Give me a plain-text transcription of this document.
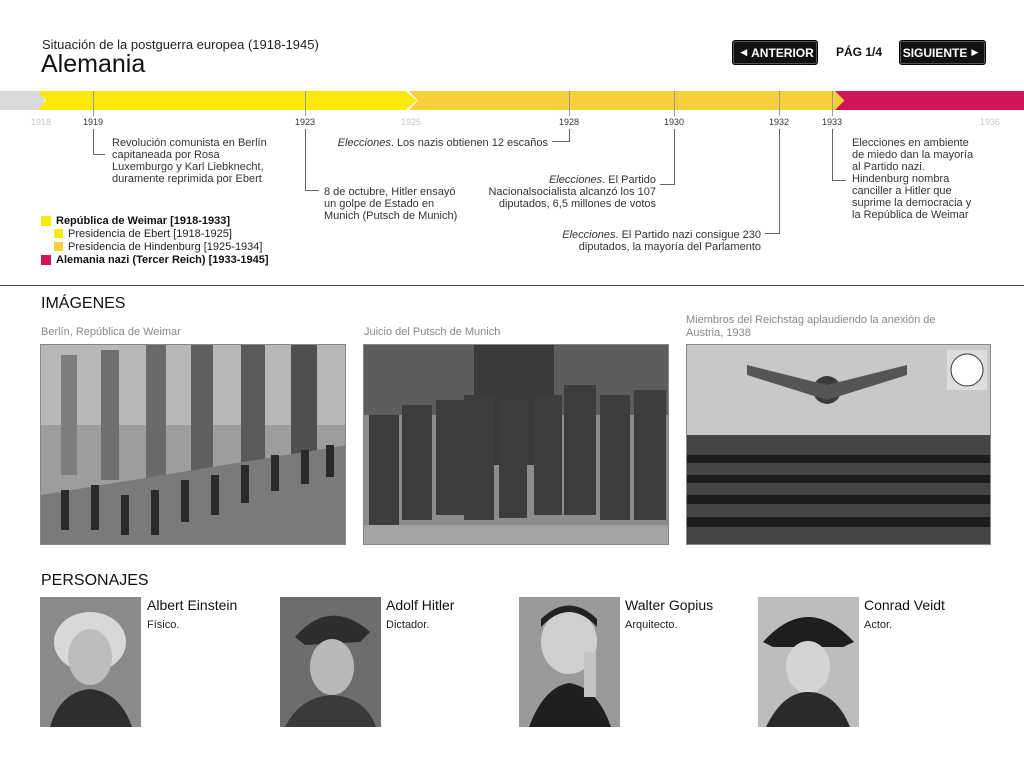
Situación de la postguerra europea (1918-1945)
Alemania	◀ ANTERIOR PÁG 1/4 SIGUIENTE ▶
1918	1919	1923	1925	1928	1930	1932	1933	1936
Revolución comunista en Berlín capitaneada por Rosa Luxemburgo y Karl Liebknecht, duramente reprimida por Ebert
8 de octubre, Hitler ensayó un golpe de Estado en Munich (Putsch de Munich)
Elecciones. Los nazis obtienen 12 escaños
Elecciones. El Partido Nacionalsocialista alcanzó los 107 diputados, 6,5 millones de votos
Elecciones. El Partido nazi consigue 230 diputados, la mayoría del Parlamento
Elecciones en ambiente de miedo dan la mayoría al Partido nazi. Hindenburg nombra canciller a Hitler que suprime la democracia y la República de Weimar
República de Weimar [1918-1933]
Presidencia de Ebert [1918-1925]
Presidencia de Hindenburg [1925-1934]
Alemania nazi (Tercer Reich) [1933-1945]
IMÁGENES
Berlín, República de Weimar	Juicio del Putsch de Munich
Miembros del Reichstag aplaudiendo la anexión de Austria, 1938
PERSONAJES
Albert Einstein
Físico.
Adolf Hitler
Dictador.
Walter Gopius
Arquitecto.
Conrad Veidt
Actor.
